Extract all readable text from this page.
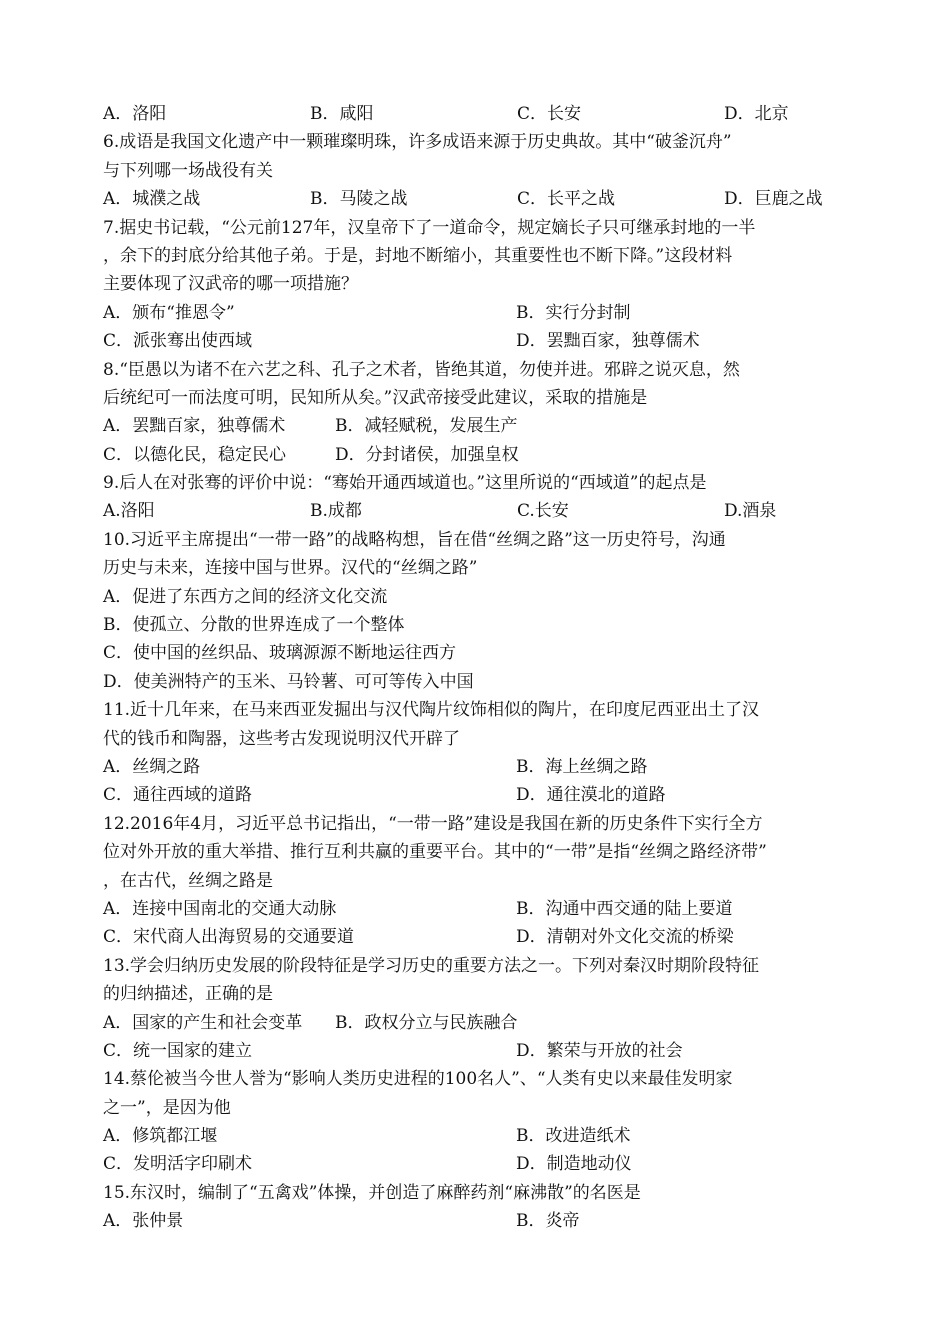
A．洛阳	B．咸阳	C．长安	D．北京
6.成语是我国文化遗产中一颗璀璨明珠，许多成语来源于历史典故。其中“破釜沉舟”
与下列哪一场战役有关
A．城濮之战	B．马陵之战	C．长平之战	D．巨鹿之战
7.据史书记载，“公元前127年，汉皇帝下了一道命令，规定嫡长子只可继承封地的一半
，余下的封底分给其他子弟。于是，封地不断缩小，其重要性也不断下降。”这段材料
主要体现了汉武帝的哪一项措施？
A．颁布“推恩令”	B．实行分封制
C．派张骞出使西域	D．罢黜百家，独尊儒术
8.“臣愚以为诸不在六艺之科、孔子之术者，皆绝其道，勿使并进。邪辟之说灭息，然
后统纪可一而法度可明，民知所从矣。”汉武帝接受此建议，采取的措施是
A．罢黜百家，独尊儒术	B．减轻赋税，发展生产
C．以德化民，稳定民心	D．分封诸侯，加强皇权
9.后人在对张骞的评价中说：“骞始开通西域道也。”这里所说的“西域道”的起点是
A.洛阳	B.成都	C.长安	D.酒泉
10.习近平主席提出“一带一路”的战略构想，旨在借“丝绸之路”这一历史符号，沟通
历史与未来，连接中国与世界。汉代的“丝绸之路”
A．促进了东西方之间的经济文化交流
B．使孤立、分散的世界连成了一个整体
C．使中国的丝织品、玻璃源源不断地运往西方
D．使美洲特产的玉米、马铃薯、可可等传入中国
11.近十几年来，在马来西亚发掘出与汉代陶片纹饰相似的陶片，在印度尼西亚出土了汉
代的钱币和陶器，这些考古发现说明汉代开辟了
A．丝绸之路	B．海上丝绸之路
C．通往西域的道路	D．通往漠北的道路
12.2016年4月，习近平总书记指出，“一带一路”建设是我国在新的历史条件下实行全方
位对外开放的重大举措、推行互利共赢的重要平台。其中的“一带”是指“丝绸之路经济带”
，在古代，丝绸之路是
A．连接中国南北的交通大动脉	B．沟通中西交通的陆上要道
C．宋代商人出海贸易的交通要道	D．清朝对外文化交流的桥梁
13.学会归纳历史发展的阶段特征是学习历史的重要方法之一。下列对秦汉时期阶段特征
的归纳描述，正确的是
A．国家的产生和社会变革	B．政权分立与民族融合
C．统一国家的建立	D．繁荣与开放的社会
14.蔡伦被当今世人誉为“影响人类历史进程的100名人”、“人类有史以来最佳发明家
之一”，是因为他
A．修筑都江堰	B．改进造纸术
C．发明活字印刷术	D．制造地动仪
15.东汉时，编制了“五禽戏”体操，并创造了麻醉药剂“麻沸散”的名医是
A．张仲景	B．炎帝
